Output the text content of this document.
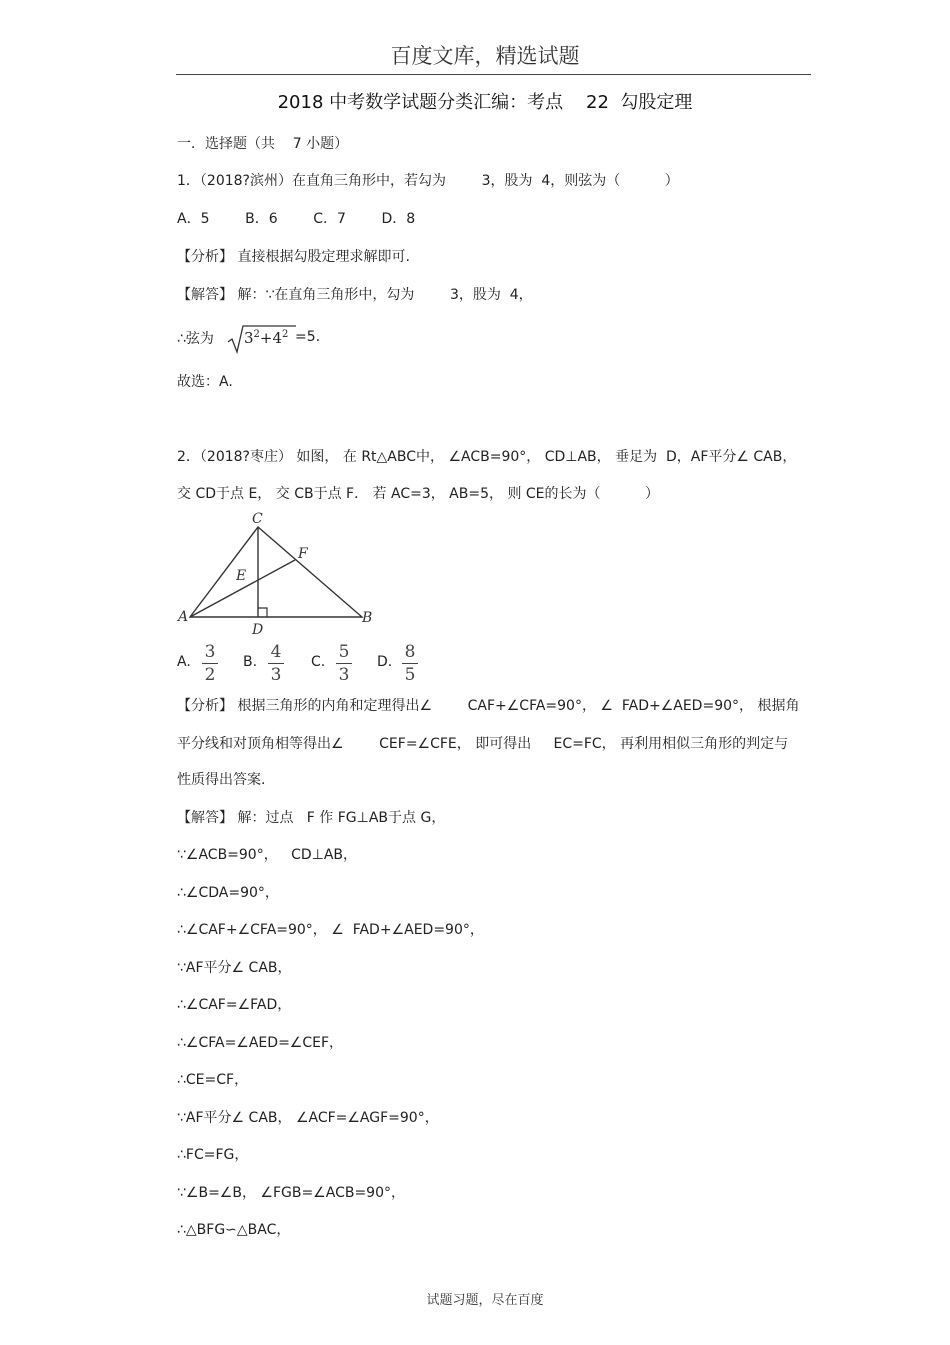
百度文库，精选试题
2018 中考数学试题分类汇编：考点    22  勾股定理
一．选择题（共    7 小题）
1．（2018?滨州）在直角三角形中，若勾为        3，股为  4，则弦为（          ）
A．5        B．6        C．7        D．8
【分析】 直接根据勾股定理求解即可.
【解答】 解：∵在直角三角形中，勾为        3，股为  4，
∴弦为 $3^2+4^2 =5$.
故选：A.
2．（2018?枣庄） 如图， 在 Rt△ABC中， ∠ACB=90°， CD⊥AB， 垂足为  D，AF平分∠ CAB，
交 CD于点 E， 交 CB于点 F． 若 AC=3， AB=5， 则 CE的长为（          ）
A	B
C
D
E
F
A. 3
2
B. 4
3
C. 5
3
D. 8
5
【分析】 根据三角形的内角和定理得出∠        CAF+∠CFA=90°， ∠  FAD+∠AED=90°， 根据角
平分线和对顶角相等得出∠        CEF=∠CFE， 即可得出     EC=FC， 再利用相似三角形的判定与
性质得出答案.
【解答】 解：过点   F 作 FG⊥AB于点 G，
∵∠ACB=90°，   CD⊥AB，
∴∠CDA=90°，
∴∠CAF+∠CFA=90°， ∠  FAD+∠AED=90°，
∵AF平分∠ CAB，
∴∠CAF=∠FAD，
∴∠CFA=∠AED=∠CEF，
∴CE=CF，
∵AF平分∠ CAB， ∠ACF=∠AGF=90°，
∴FC=FG，
∵∠B=∠B， ∠FGB=∠ACB=90°，
∴△BFG∽△BAC，
试题习题，尽在百度
